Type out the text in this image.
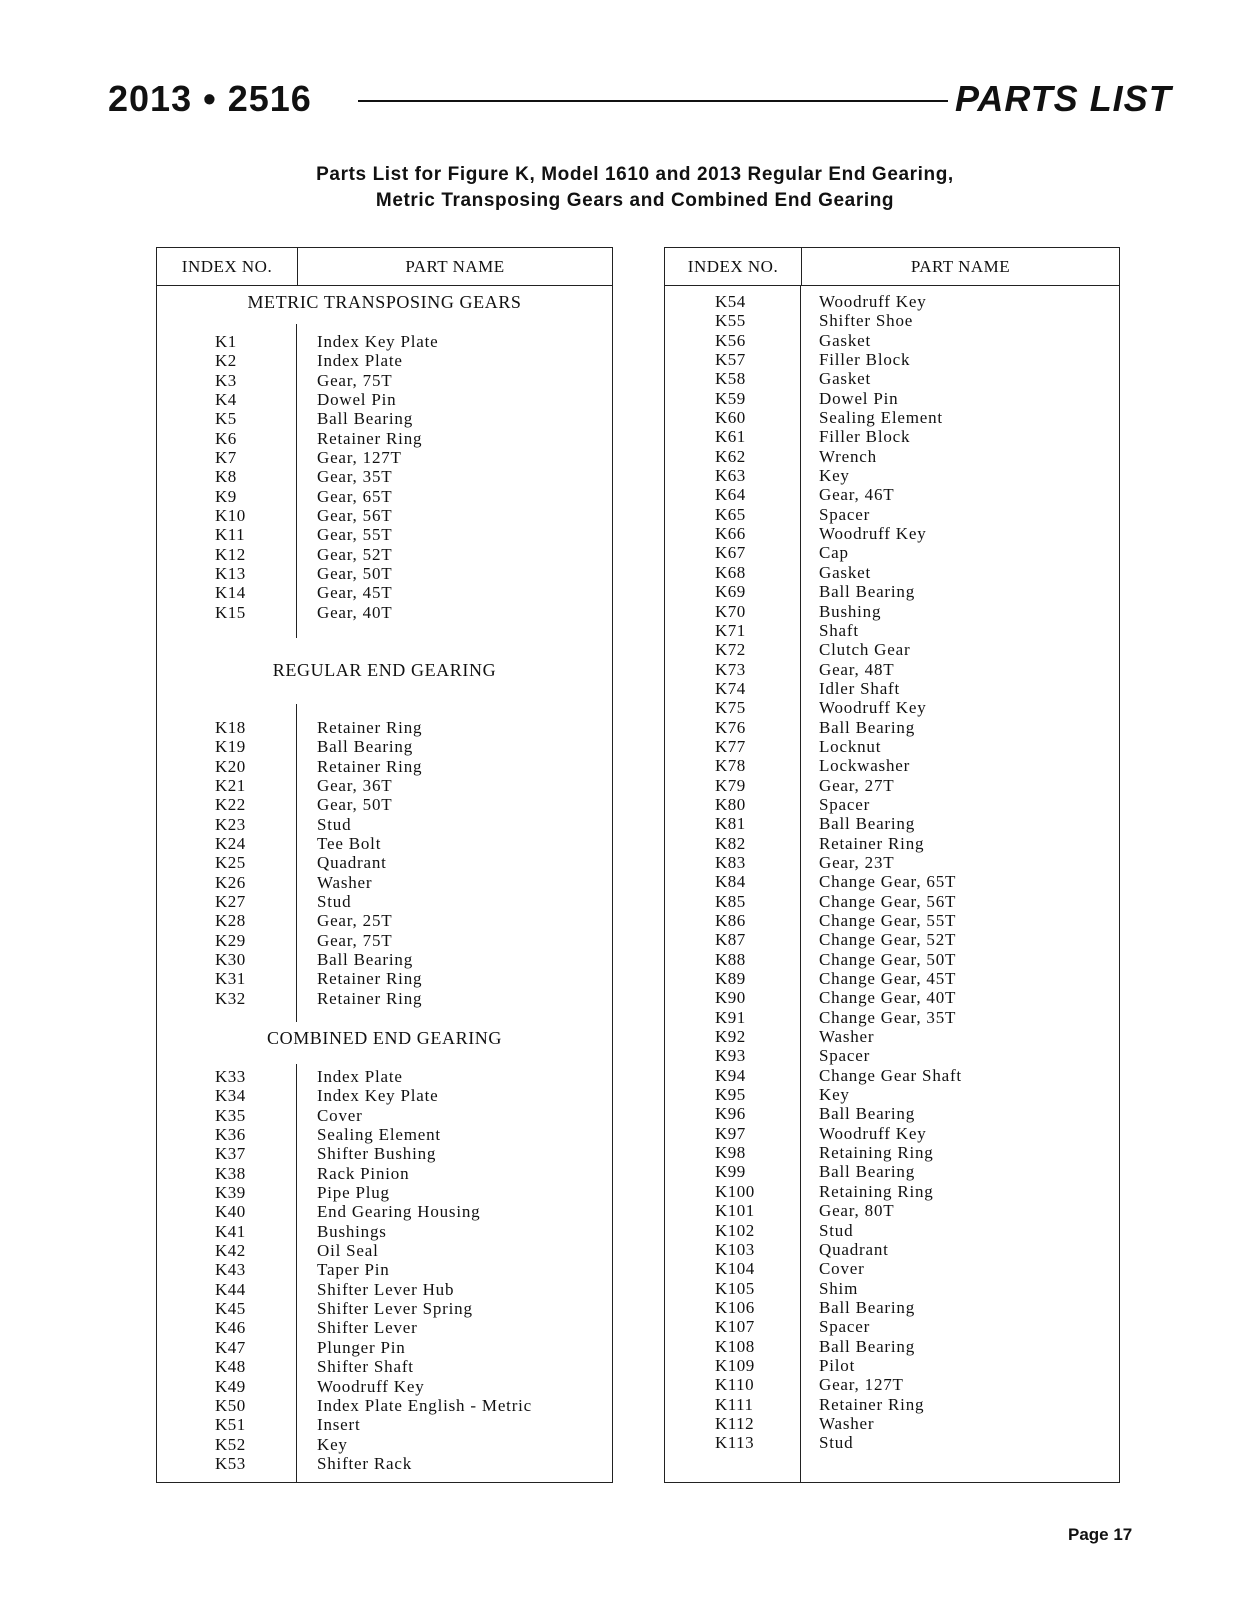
2013 • 2516	PARTS LIST
Parts List for Figure K, Model 1610 and 2013 Regular End Gearing,
Metric Transposing Gears and Combined End Gearing
INDEX NO.	PART NAME
METRIC TRANSPOSING GEARS
K1	Index Key Plate
K2	Index Plate
K3	Gear, 75T
K4	Dowel Pin
K5	Ball Bearing
K6	Retainer Ring
K7	Gear, 127T
K8	Gear, 35T
K9	Gear, 65T
K10	Gear, 56T
K11	Gear, 55T
K12	Gear, 52T
K13	Gear, 50T
K14	Gear, 45T
K15	Gear, 40T
REGULAR END GEARING
K18	Retainer Ring
K19	Ball Bearing
K20	Retainer Ring
K21	Gear, 36T
K22	Gear, 50T
K23	Stud
K24	Tee Bolt
K25	Quadrant
K26	Washer
K27	Stud
K28	Gear, 25T
K29	Gear, 75T
K30	Ball Bearing
K31	Retainer Ring
K32	Retainer Ring
COMBINED END GEARING
K33	Index Plate
K34	Index Key Plate
K35	Cover
K36	Sealing Element
K37	Shifter Bushing
K38	Rack Pinion
K39	Pipe Plug
K40	End Gearing Housing
K41	Bushings
K42	Oil Seal
K43	Taper Pin
K44	Shifter Lever Hub
K45	Shifter Lever Spring
K46	Shifter Lever
K47	Plunger Pin
K48	Shifter Shaft
K49	Woodruff Key
K50	Index Plate English - Metric
K51	Insert
K52	Key
K53	Shifter Rack
INDEX NO.	PART NAME
K54	Woodruff Key
K55	Shifter Shoe
K56	Gasket
K57	Filler Block
K58	Gasket
K59	Dowel Pin
K60	Sealing Element
K61	Filler Block
K62	Wrench
K63	Key
K64	Gear, 46T
K65	Spacer
K66	Woodruff Key
K67	Cap
K68	Gasket
K69	Ball Bearing
K70	Bushing
K71	Shaft
K72	Clutch Gear
K73	Gear, 48T
K74	Idler Shaft
K75	Woodruff Key
K76	Ball Bearing
K77	Locknut
K78	Lockwasher
K79	Gear, 27T
K80	Spacer
K81	Ball Bearing
K82	Retainer Ring
K83	Gear, 23T
K84	Change Gear, 65T
K85	Change Gear, 56T
K86	Change Gear, 55T
K87	Change Gear, 52T
K88	Change Gear, 50T
K89	Change Gear, 45T
K90	Change Gear, 40T
K91	Change Gear, 35T
K92	Washer
K93	Spacer
K94	Change Gear Shaft
K95	Key
K96	Ball Bearing
K97	Woodruff Key
K98	Retaining Ring
K99	Ball Bearing
K100	Retaining Ring
K101	Gear, 80T
K102	Stud
K103	Quadrant
K104	Cover
K105	Shim
K106	Ball Bearing
K107	Spacer
K108	Ball Bearing
K109	Pilot
K110	Gear, 127T
K111	Retainer Ring
K112	Washer
K113	Stud
Page 17
